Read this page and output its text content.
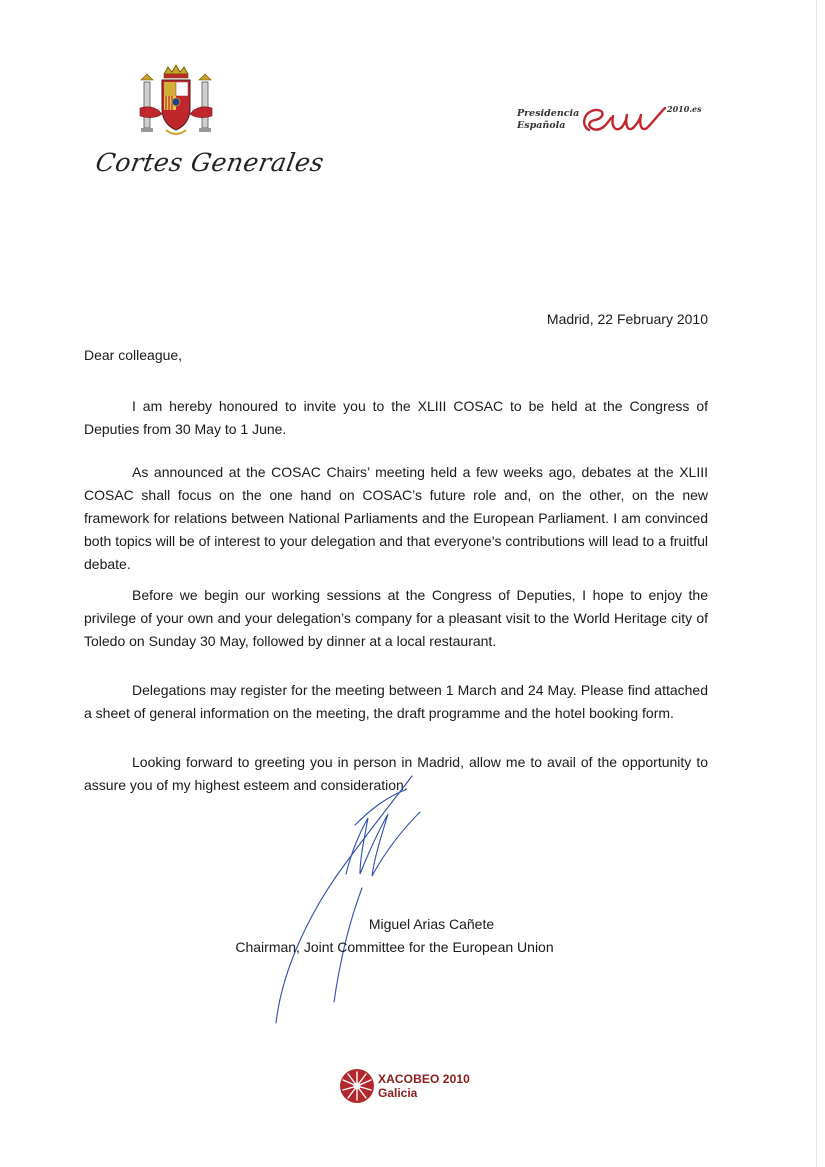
Cortes Generales
Presidencia
Española	eu
2010.es
Madrid, 22 February 2010
Dear colleague,

I am hereby honoured to invite you to the XLIII COSAC to be held at the Congress of Deputies from 30 May to 1 June.

As announced at the COSAC Chairs’ meeting held a few weeks ago, debates at the XLIII COSAC shall focus on the one hand on COSAC’s future role and, on the other, on the new framework for relations between National Parliaments and the European Parliament. I am convinced both topics will be of interest to your delegation and that everyone’s contributions will lead to a fruitful debate.

Before we begin our working sessions at the Congress of Deputies, I hope to enjoy the privilege of your own and your delegation’s company for a pleasant visit to the World Heritage city of Toledo on Sunday 30 May, followed by dinner at a local restaurant.

Delegations may register for the meeting between 1 March and 24 May. Please find attached a sheet of general information on the meeting, the draft programme and the hotel booking form.

Looking forward to greeting you in person in Madrid, allow me to avail of the opportunity to assure you of my highest esteem and consideration.

Miguel Arias Cañete
Chairman, Joint Committee for the European Union
XACOBEO 2010
Galicia
